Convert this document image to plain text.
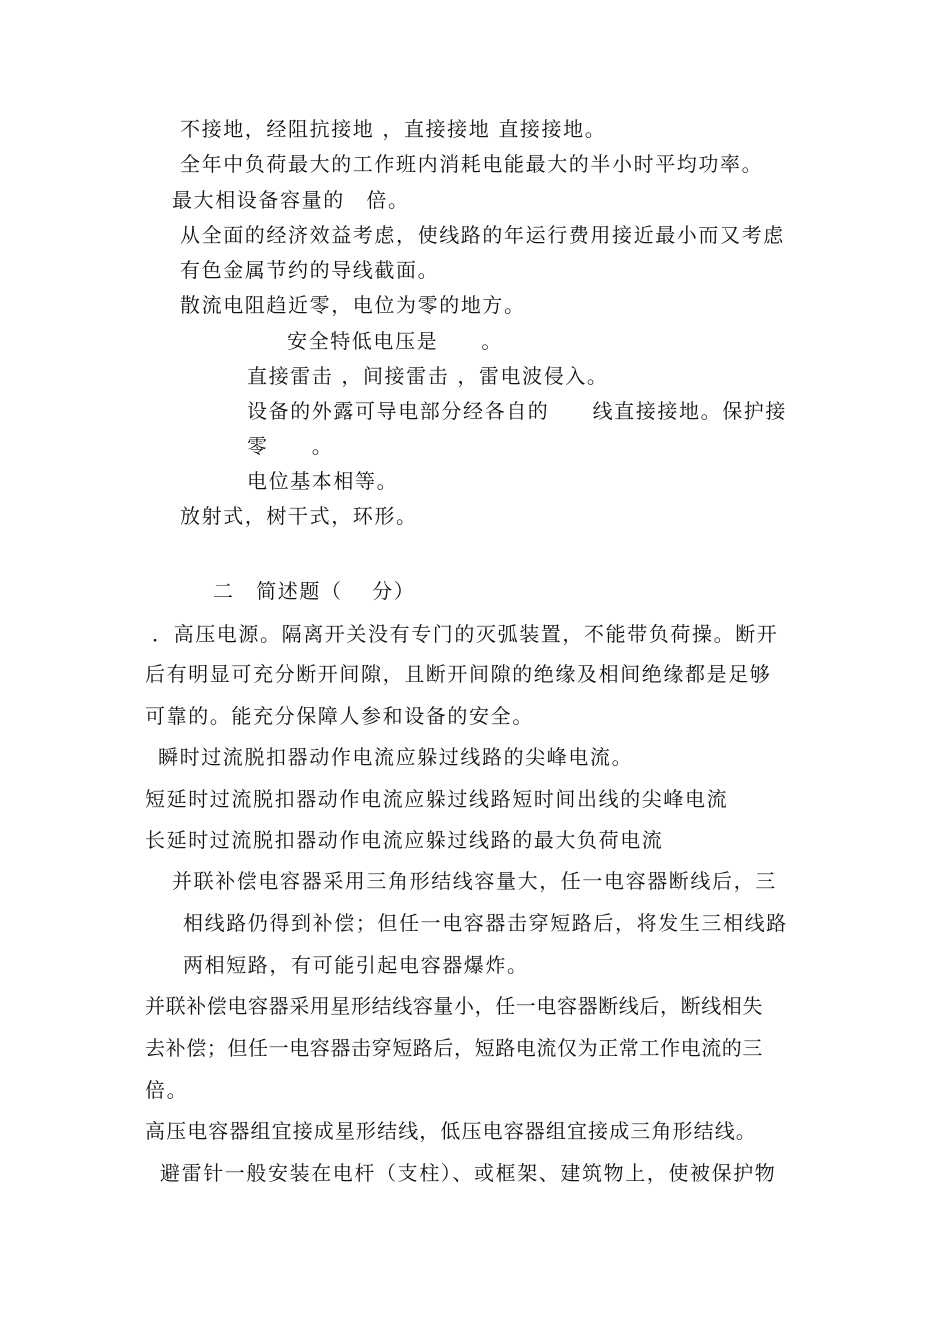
不接地，经阻抗接地 ，直接接地 直接接地。

全年中负荷最大的工作班内消耗电能最大的半小时平均功率。

最大相设备容量的　倍。

从全面的经济效益考虑，使线路的年运行费用接近最小而又考虑

有色金属节约的导线截面。

散流电阻趋近零，电位为零的地方。

安全特低电压是　　。

直接雷击 ，间接雷击 ，雷电波侵入。

设备的外露可导电部分经各自的　　线直接接地。保护接

零　　。

电位基本相等。

放射式，树干式，环形。

二　简述题（　 分）

．高压电源。隔离开关没有专门的灭弧装置，不能带负荷操。断开

后有明显可充分断开间隙，且断开间隙的绝缘及相间绝缘都是足够

可靠的。能充分保障人参和设备的安全。

瞬时过流脱扣器动作电流应躲过线路的尖峰电流。

短延时过流脱扣器动作电流应躲过线路短时间出线的尖峰电流

长延时过流脱扣器动作电流应躲过线路的最大负荷电流

并联补偿电容器采用三角形结线容量大，任一电容器断线后，三

相线路仍得到补偿；但任一电容器击穿短路后，将发生三相线路

两相短路，有可能引起电容器爆炸。

并联补偿电容器采用星形结线容量小，任一电容器断线后，断线相失

去补偿；但任一电容器击穿短路后，短路电流仅为正常工作电流的三

倍。

高压电容器组宜接成星形结线，低压电容器组宜接成三角形结线。

避雷针一般安装在电杆（支柱）、或框架、建筑物上，使被保护物
